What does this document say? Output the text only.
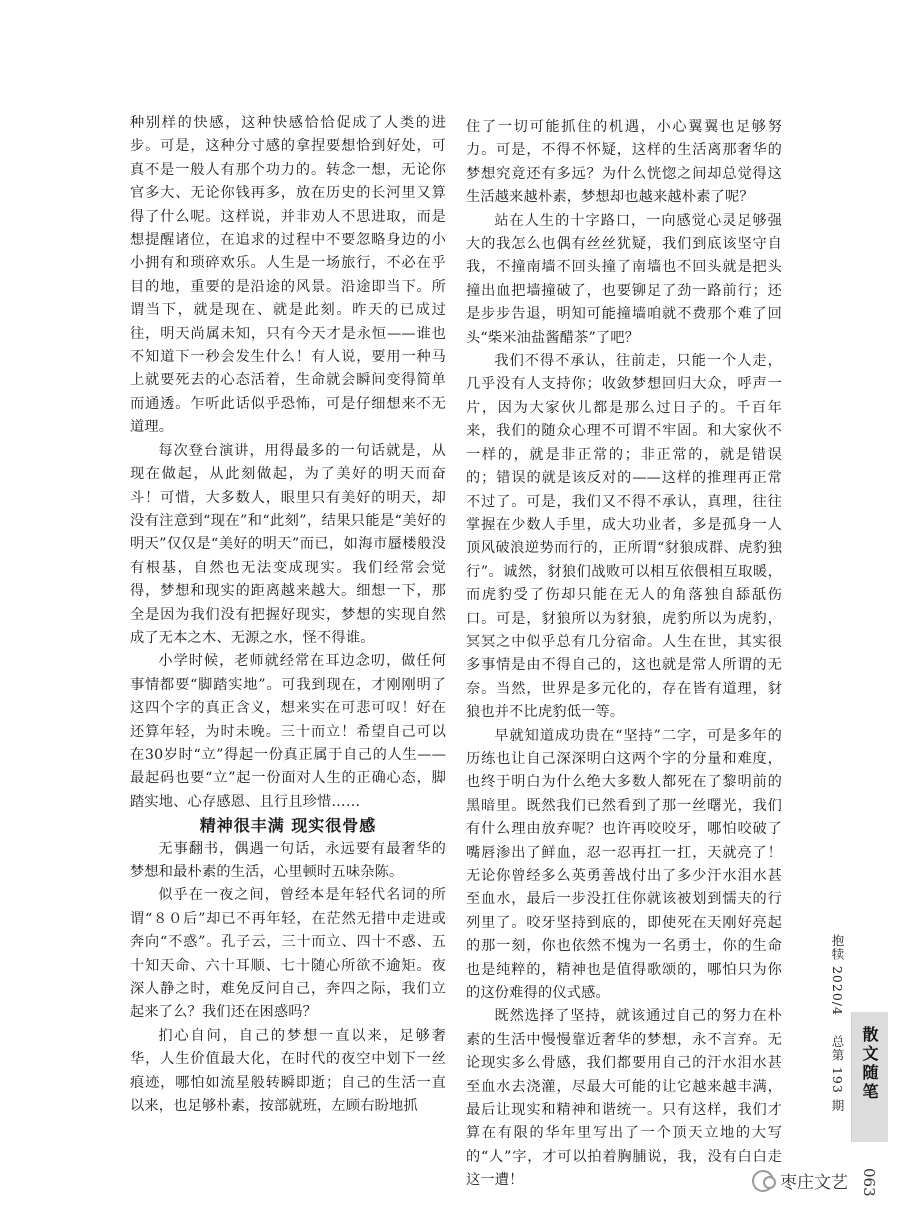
种别样的快感，这种快感恰恰促成了人类的进步。可是，这种分寸感的拿捏要想恰到好处，可真不是一般人有那个功力的。转念一想，无论你官多大、无论你钱再多，放在历史的长河里又算得了什么呢。这样说，并非劝人不思进取，而是想提醒诸位，在追求的过程中不要忽略身边的小小拥有和琐碎欢乐。人生是一场旅行，不必在乎目的地，重要的是沿途的风景。沿途即当下。所谓当下，就是现在、就是此刻。昨天的已成过往，明天尚属未知，只有今天才是永恒——谁也不知道下一秒会发生什么！有人说，要用一种马上就要死去的心态活着，生命就会瞬间变得简单而通透。乍听此话似乎恐怖，可是仔细想来不无道理。

每次登台演讲，用得最多的一句话就是，从现在做起，从此刻做起，为了美好的明天而奋斗！可惜，大多数人，眼里只有美好的明天，却没有注意到“现在”和“此刻”，结果只能是“美好的明天”仅仅是“美好的明天”而已，如海市蜃楼般没有根基，自然也无法变成现实。我们经常会觉得，梦想和现实的距离越来越大。细想一下，那全是因为我们没有把握好现实，梦想的实现自然成了无本之木、无源之水，怪不得谁。

小学时候，老师就经常在耳边念叨，做任何事情都要“脚踏实地”。可我到现在，才刚刚明了这四个字的真正含义，想来实在可悲可叹！好在还算年轻，为时未晚。三十而立！希望自己可以在30岁时“立”得起一份真正属于自己的人生——最起码也要“立”起一份面对人生的正确心态，脚踏实地、心存感恩、且行且珍惜……

精神很丰满 现实很骨感

无事翻书，偶遇一句话，永远要有最奢华的梦想和最朴素的生活，心里顿时五味杂陈。

似乎在一夜之间，曾经本是年轻代名词的所谓“８０后”却已不再年轻，在茫然无措中走进或奔向“不惑”。孔子云，三十而立、四十不惑、五十知天命、六十耳顺、七十随心所欲不逾矩。夜深人静之时，难免反问自己，奔四之际，我们立起来了么？我们还在困惑吗？

扪心自问，自己的梦想一直以来，足够奢华，人生价值最大化，在时代的夜空中划下一丝痕迹，哪怕如流星般转瞬即逝；自己的生活一直以来，也足够朴素，按部就班，左顾右盼地抓

住了一切可能抓住的机遇，小心翼翼也足够努力。可是，不得不怀疑，这样的生活离那奢华的梦想究竟还有多远？为什么恍惚之间却总觉得这生活越来越朴素，梦想却也越来越朴素了呢？

站在人生的十字路口，一向感觉心灵足够强大的我怎么也偶有丝丝犹疑，我们到底该坚守自我，不撞南墙不回头撞了南墙也不回头就是把头撞出血把墙撞破了，也要铆足了劲一路前行；还是步步告退，明知可能撞墙咱就不费那个难了回头“柴米油盐酱醋茶”了吧？

我们不得不承认，往前走，只能一个人走，几乎没有人支持你；收敛梦想回归大众，呼声一片，因为大家伙儿都是那么过日子的。千百年来，我们的随众心理不可谓不牢固。和大家伙不一样的，就是非正常的；非正常的，就是错误的；错误的就是该反对的——这样的推理再正常不过了。可是，我们又不得不承认，真理，往往掌握在少数人手里，成大功业者，多是孤身一人顶风破浪逆势而行的，正所谓“豺狼成群、虎豹独行”。诚然，豺狼们战败可以相互依偎相互取暖，而虎豹受了伤却只能在无人的角落独自舔舐伤口。可是，豺狼所以为豺狼，虎豹所以为虎豹，冥冥之中似乎总有几分宿命。人生在世，其实很多事情是由不得自己的，这也就是常人所谓的无奈。当然，世界是多元化的，存在皆有道理，豺狼也并不比虎豹低一等。

早就知道成功贵在“坚持”二字，可是多年的历练也让自己深深明白这两个字的分量和难度，也终于明白为什么绝大多数人都死在了黎明前的黑暗里。既然我们已然看到了那一丝曙光，我们有什么理由放弃呢？也许再咬咬牙，哪怕咬破了嘴唇渗出了鲜血，忍一忍再扛一扛，天就亮了！无论你曾经多么英勇善战付出了多少汗水泪水甚至血水，最后一步没扛住你就该被划到懦夫的行列里了。咬牙坚持到底的，即使死在天刚好亮起的那一刻，你也依然不愧为一名勇士，你的生命也是纯粹的，精神也是值得歌颂的，哪怕只为你的这份难得的仪式感。

既然选择了坚持，就该通过自己的努力在朴素的生活中慢慢靠近奢华的梦想，永不言弃。无论现实多么骨感，我们都要用自己的汗水泪水甚至血水去浇灌，尽最大可能的让它越来越丰满，最后让现实和精神和谐统一。只有这样，我们才算在有限的华年里写出了一个顶天立地的大写的“人”字，才可以拍着胸脯说，我，没有白白走这一遭！

抱犊 2020/4 总第 193 期 散文随笔
063
枣庄文艺
